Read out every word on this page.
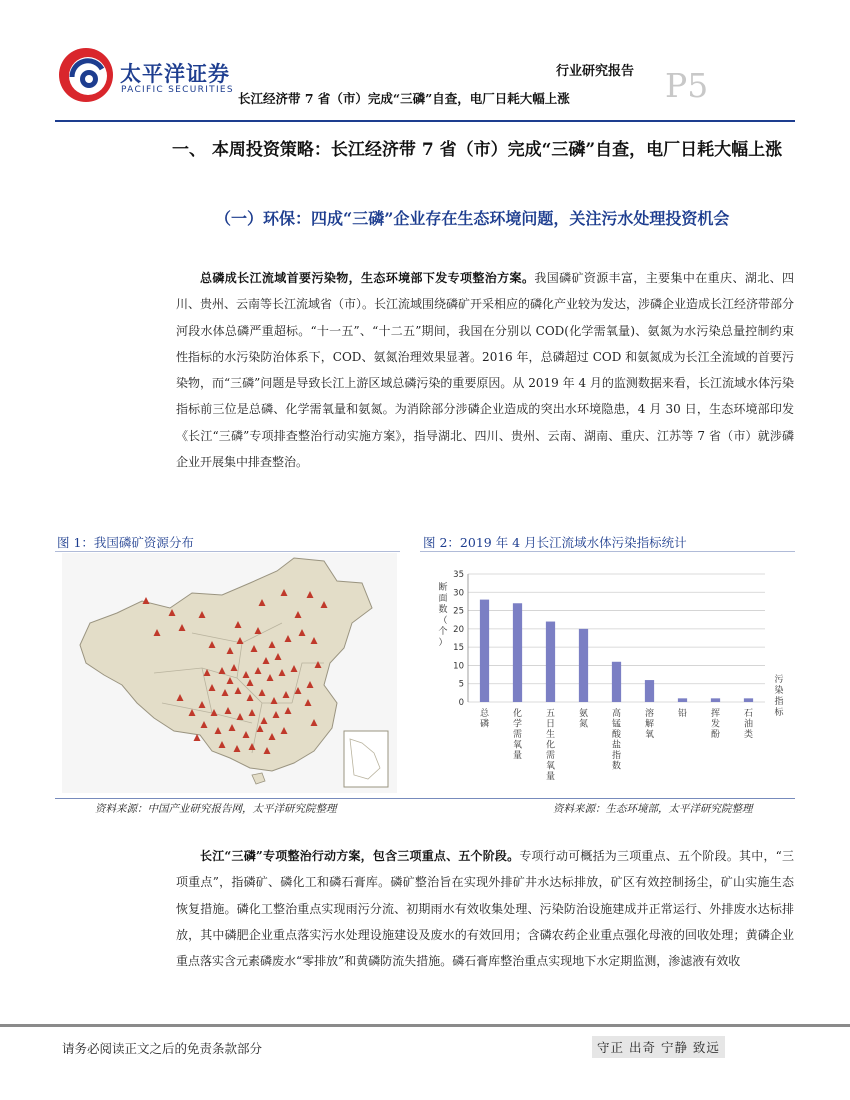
太平洋证券
PACIFIC SECURITIES
行业研究报告
长江经济带 7 省（市）完成“三磷”自查，电厂日耗大幅上涨	P5
一、 本周投资策略：长江经济带 7 省（市）完成“三磷”自查，电厂日耗大幅上涨
（一）环保：四成“三磷”企业存在生态环境问题，关注污水处理投资机会
总磷成长江流域首要污染物，生态环境部下发专项整治方案。我国磷矿资源丰富，主要集中在重庆、湖北、四川、贵州、云南等长江流域省（市）。长江流域围绕磷矿开采相应的磷化产业较为发达，涉磷企业造成长江经济带部分河段水体总磷严重超标。“十一五”、“十二五”期间，我国在分别以 COD(化学需氧量)、氨氮为水污染总量控制约束性指标的水污染防治体系下，COD、氨氮治理效果显著。2016 年，总磷超过 COD 和氨氮成为长江全流域的首要污染物，而“三磷”问题是导致长江上游区域总磷污染的重要原因。从 2019 年 4 月的监测数据来看，长江流域水体污染指标前三位是总磷、化学需氧量和氨氮。为消除部分涉磷企业造成的突出水环境隐患，4 月 30 日，生态环境部印发《长江“三磷”专项排查整治行动实施方案》，指导湖北、四川、贵州、云南、湖南、重庆、江苏等 7 省（市）就涉磷企业开展集中排查整治。
图 1：我国磷矿资源分布	图 2：2019 年 4 月长江流域水体污染指标统计
0
5
10
15
20
25
30
35
总磷
化学需氧量
五日生化需氧量
氨氮
高锰酸盐指数
溶解氧
铅	挥发酚
石油类
断面数（个）
污染指标
资料来源：中国产业研究报告网，太平洋研究院整理	资料来源：生态环境部，太平洋研究院整理
长江“三磷”专项整治行动方案，包含三项重点、五个阶段。专项行动可概括为三项重点、五个阶段。其中，“三项重点”，指磷矿、磷化工和磷石膏库。磷矿整治旨在实现外排矿井水达标排放，矿区有效控制扬尘，矿山实施生态恢复措施。磷化工整治重点实现雨污分流、初期雨水有效收集处理、污染防治设施建成并正常运行、外排废水达标排放，其中磷肥企业重点落实污水处理设施建设及废水的有效回用；含磷农药企业重点强化母液的回收处理；黄磷企业重点落实含元素磷废水“零排放”和黄磷防流失措施。磷石膏库整治重点实现地下水定期监测，渗滤液有效收
请务必阅读正文之后的免责条款部分	守正 出奇 宁静 致远
